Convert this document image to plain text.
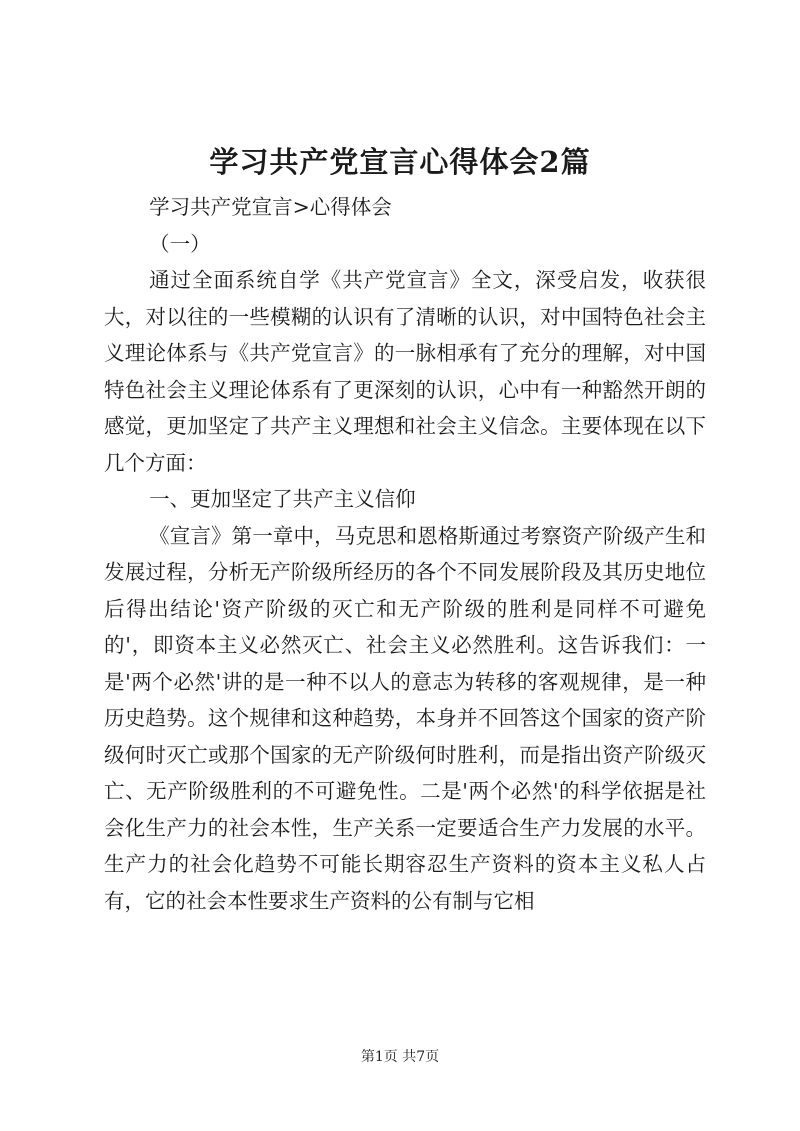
学习共产党宣言心得体会2篇

学习共产党宣言>心得体会

（一）

通过全面系统自学《共产党宣言》全文，深受启发，收获很大，对以往的一些模糊的认识有了清晰的认识，对中国特色社会主义理论体系与《共产党宣言》的一脉相承有了充分的理解，对中国特色社会主义理论体系有了更深刻的认识，心中有一种豁然开朗的感觉，更加坚定了共产主义理想和社会主义信念。主要体现在以下几个方面：

一、更加坚定了共产主义信仰

《宣言》第一章中，马克思和恩格斯通过考察资产阶级产生和发展过程，分析无产阶级所经历的各个不同发展阶段及其历史地位后得出结论'资产阶级的灭亡和无产阶级的胜利是同样不可避免的'，即资本主义必然灭亡、社会主义必然胜利。这告诉我们：一是'两个必然'讲的是一种不以人的意志为转移的客观规律，是一种历史趋势。这个规律和这种趋势，本身并不回答这个国家的资产阶级何时灭亡或那个国家的无产阶级何时胜利，而是指出资产阶级灭亡、无产阶级胜利的不可避免性。二是'两个必然'的科学依据是社会化生产力的社会本性，生产关系一定要适合生产力发展的水平。生产力的社会化趋势不可能长期容忍生产资料的资本主义私人占有，它的社会本性要求生产资料的公有制与它相

第1页 共7页
